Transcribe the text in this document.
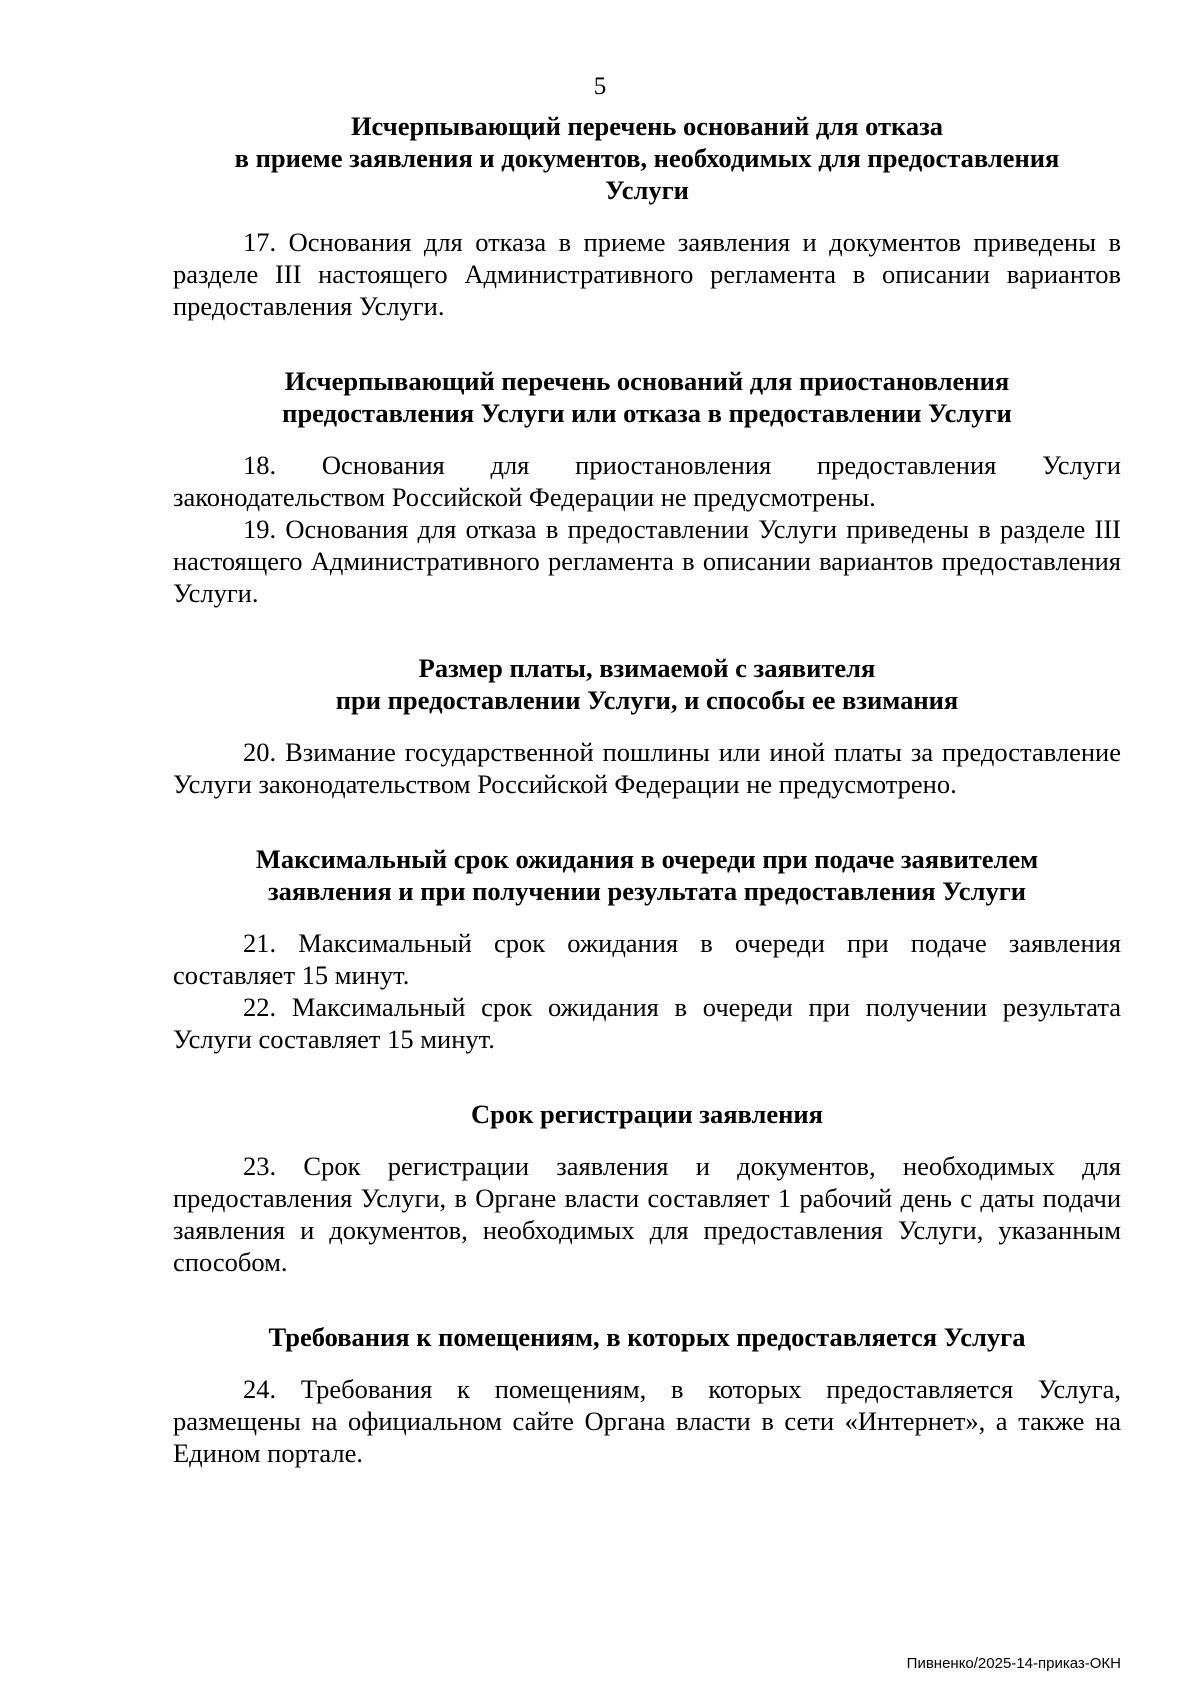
5
Исчерпывающий перечень оснований для отказа
в приеме заявления и документов, необходимых для предоставления
Услуги

17. Основания для отказа в приеме заявления и документов приведены в разделе III настоящего Административного регламента в описании вариантов предоставления Услуги.

Исчерпывающий перечень оснований для приостановления
предоставления Услуги или отказа в предоставлении Услуги

18. Основания для приостановления предоставления Услуги законодательством Российской Федерации не предусмотрены.

19. Основания для отказа в предоставлении Услуги приведены в разделе III настоящего Административного регламента в описании вариантов предоставления Услуги.

Размер платы, взимаемой с заявителя
при предоставлении Услуги, и способы ее взимания

20. Взимание государственной пошлины или иной платы за предоставление Услуги законодательством Российской Федерации не предусмотрено.

Максимальный срок ожидания в очереди при подаче заявителем
заявления и при получении результата предоставления Услуги

21. Максимальный срок ожидания в очереди при подаче заявления составляет 15 минут.

22. Максимальный срок ожидания в очереди при получении результата Услуги составляет 15 минут.

Срок регистрации заявления

23. Срок регистрации заявления и документов, необходимых для предоставления Услуги, в Органе власти составляет 1 рабочий день с даты подачи заявления и документов, необходимых для предоставления Услуги, указанным способом.

Требования к помещениям, в которых предоставляется Услуга

24. Требования к помещениям, в которых предоставляется Услуга, размещены на официальном сайте Органа власти в сети «Интернет», а также на Едином портале.

Пивненко/2025-14-приказ-ОКН
